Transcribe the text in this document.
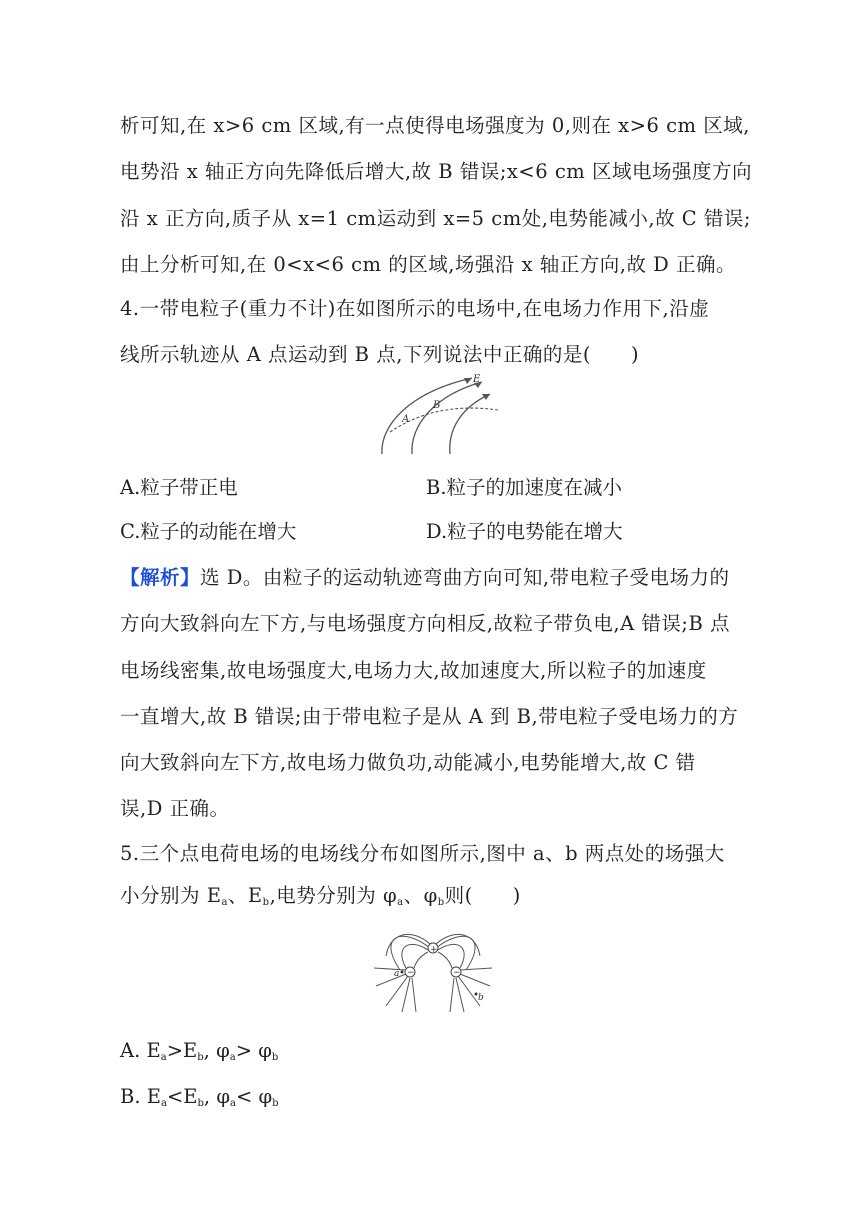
析可知,在 x>6 cm 区域,有一点使得电场强度为 0,则在 x>6 cm 区域,
电势沿 x 轴正方向先降低后增大,故 B 错误;x<6 cm 区域电场强度方向
沿 x 正方向,质子从 x=1 cm运动到 x=5 cm处,电势能减小,故 C 错误;
由上分析可知,在 0<x<6 cm 的区域,场强沿 x 轴正方向,故 D 正确。
4.一带电粒子(重力不计)在如图所示的电场中,在电场力作用下,沿虚
线所示轨迹从 A 点运动到 B 点,下列说法中正确的是(　　)
E
A
B
A.粒子带正电	B.粒子的加速度在减小
C.粒子的动能在增大	D.粒子的电势能在增大
【解析】选 D。由粒子的运动轨迹弯曲方向可知,带电粒子受电场力的
方向大致斜向左下方,与电场强度方向相反,故粒子带负电,A 错误;B 点
电场线密集,故电场强度大,电场力大,故加速度大,所以粒子的加速度
一直增大,故 B 错误;由于带电粒子是从 A 到 B,带电粒子受电场力的方
向大致斜向左下方,故电场力做负功,动能减小,电势能增大,故 C 错
误,D 正确。
5.三个点电荷电场的电场线分布如图所示,图中 a、b 两点处的场强大
小分别为 $E_a$、$E_b$,电势分别为 $\varphi_a$、$\varphi_b$则(　　)
+
−	−
a
b
A. $E_a>E_b$, $\varphi_a> \varphi_b$
B. $E_a<E_b$, $\varphi_a< \varphi_b$
